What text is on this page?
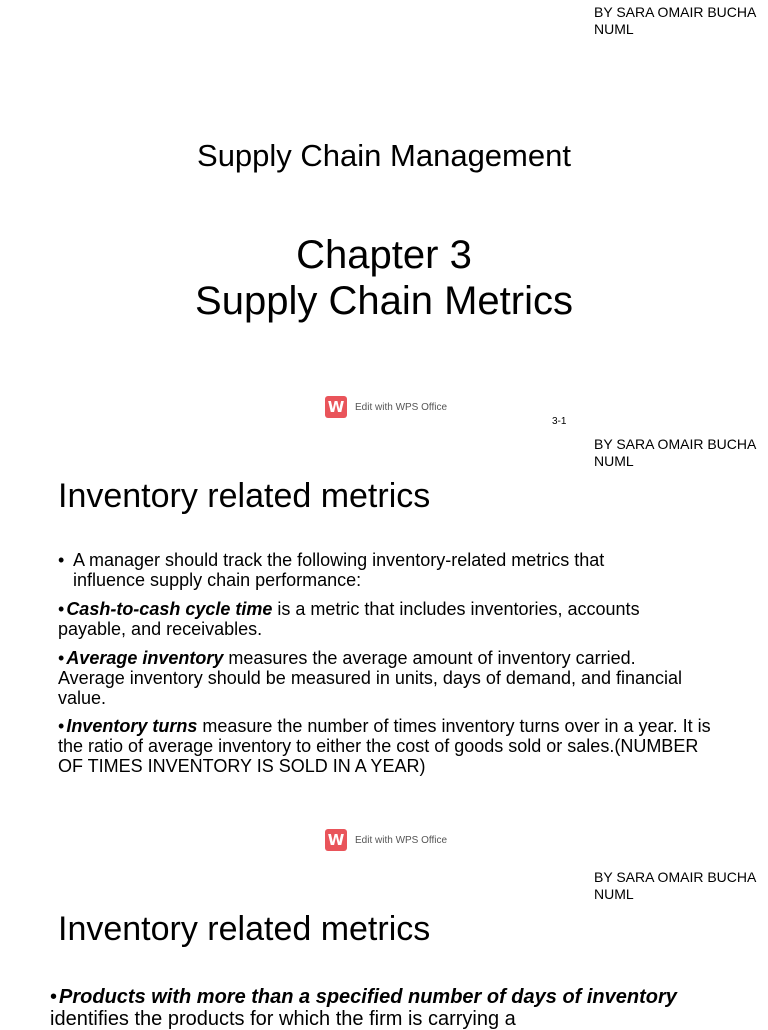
BY SARA OMAIR BUCHA
NUML
Supply Chain Management
Chapter 3
Supply Chain Metrics
W Edit with WPS Office
3-1
BY SARA OMAIR BUCHA
NUML
Inventory related metrics
• A manager should track the following inventory-related metrics that influence supply chain performance:
• Cash-to-cash cycle time is a metric that includes inventories, accounts payable, and receivables.
• Average inventory measures the average amount of inventory carried. Average inventory should be measured in units, days of demand, and financial value.
• Inventory turns measure the number of times inventory turns over in a year. It is the ratio of average inventory to either the cost of goods sold or sales.(NUMBER OF TIMES INVENTORY IS SOLD IN A YEAR)
W Edit with WPS Office
BY SARA OMAIR BUCHA
NUML
Inventory related metrics
• Products with more than a specified number of days of inventory identifies the products for which the firm is carrying a
